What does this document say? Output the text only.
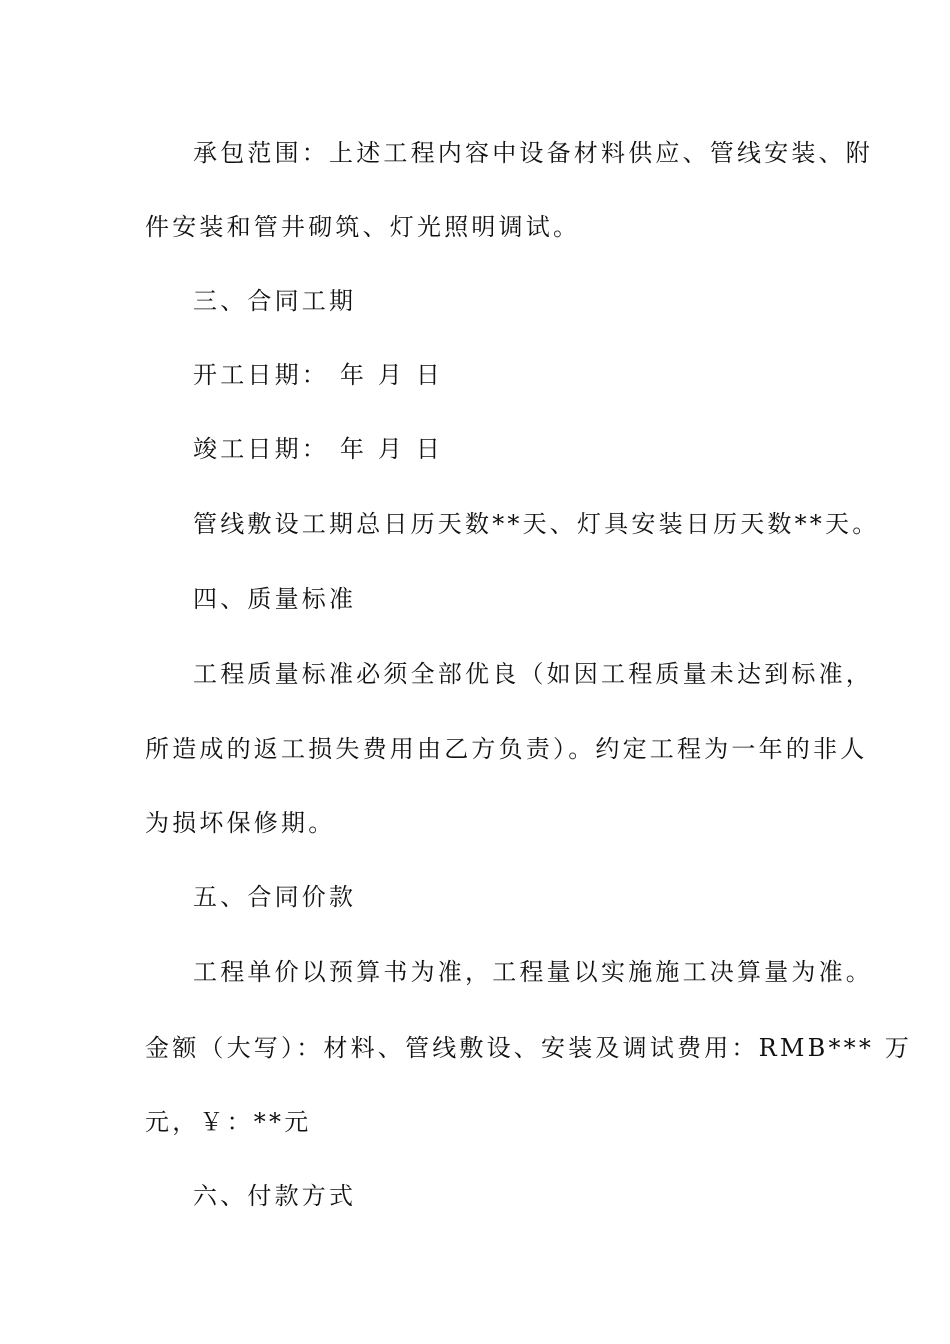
承包范围：上述工程内容中设备材料供应、管线安装、附
件安装和管井砌筑、灯光照明调试。
三、合同工期
开工日期： 年 月 日
竣工日期： 年 月 日
管线敷设工期总日历天数**天、灯具安装日历天数**天。
四、质量标准
工程质量标准必须全部优良（如因工程质量未达到标准，
所造成的返工损失费用由乙方负责）。约定工程为一年的非人
为损坏保修期。
五、合同价款
工程单价以预算书为准，工程量以实施施工决算量为准。
金额（大写）：材料、管线敷设、安装及调试费用：RMB*** 万
元，￥：**元
六、付款方式
